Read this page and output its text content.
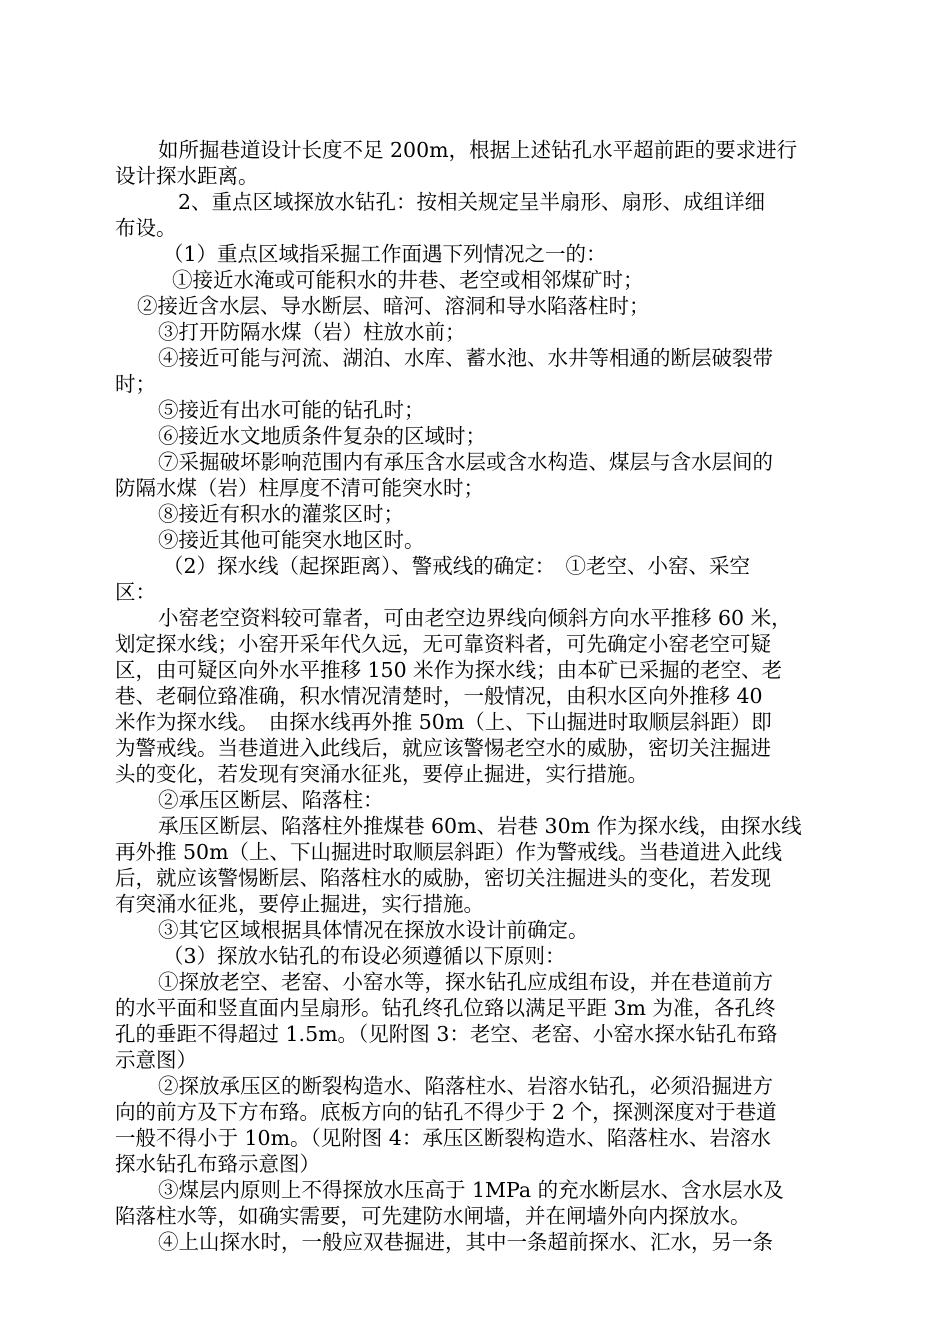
如所掘巷道设计长度不足 200m，根据上述钻孔水平超前距的要求进行
设计探水距离。
2、重点区域探放水钻孔：按相关规定呈半扇形、扇形、成组详细
布设。
（1）重点区域指采掘工作面遇下列情况之一的：
①接近水淹或可能积水的井巷、老空或相邻煤矿时；
②接近含水层、导水断层、暗河、溶洞和导水陷落柱时；
③打开防隔水煤（岩）柱放水前；
④接近可能与河流、湖泊、水库、蓄水池、水井等相通的断层破裂带
时；
⑤接近有出水可能的钻孔时；
⑥接近水文地质条件复杂的区域时；
⑦采掘破坏影响范围内有承压含水层或含水构造、煤层与含水层间的
防隔水煤（岩）柱厚度不清可能突水时；
⑧接近有积水的灌浆区时；
⑨接近其他可能突水地区时。
（2）探水线（起探距离）、警戒线的确定：　①老空、小窑、采空
区：
小窑老空资料较可靠者，可由老空边界线向倾斜方向水平推移 60 米，
划定探水线；小窑开采年代久远，无可靠资料者，可先确定小窑老空可疑
区，由可疑区向外水平推移 150 米作为探水线；由本矿已采掘的老空、老
巷、老硐位臵准确，积水情况清楚时，一般情况，由积水区向外推移 40
米作为探水线。　由探水线再外推 50m（上、下山掘进时取顺层斜距）即
为警戒线。当巷道进入此线后，就应该警惕老空水的威胁，密切关注掘进
头的变化，若发现有突涌水征兆，要停止掘进，实行措施。
②承压区断层、陷落柱：
承压区断层、陷落柱外推煤巷 60m、岩巷 30m 作为探水线，由探水线
再外推 50m（上、下山掘进时取顺层斜距）作为警戒线。当巷道进入此线
后，就应该警惕断层、陷落柱水的威胁，密切关注掘进头的变化，若发现
有突涌水征兆，要停止掘进，实行措施。
③其它区域根据具体情况在探放水设计前确定。
（3）探放水钻孔的布设必须遵循以下原则：
①探放老空、老窑、小窑水等，探水钻孔应成组布设，并在巷道前方
的水平面和竖直面内呈扇形。钻孔终孔位臵以满足平距 3m 为准，各孔终
孔的垂距不得超过 1.5m。（见附图 3：老空、老窑、小窑水探水钻孔布臵
示意图）
②探放承压区的断裂构造水、陷落柱水、岩溶水钻孔，必须沿掘进方
向的前方及下方布臵。底板方向的钻孔不得少于 2 个，探测深度对于巷道
一般不得小于 10m。（见附图 4：承压区断裂构造水、陷落柱水、岩溶水
探水钻孔布臵示意图）
③煤层内原则上不得探放水压高于 1MPa 的充水断层水、含水层水及
陷落柱水等，如确实需要，可先建防水闸墙，并在闸墙外向内探放水。
④上山探水时，一般应双巷掘进，其中一条超前探水、汇水，另一条
